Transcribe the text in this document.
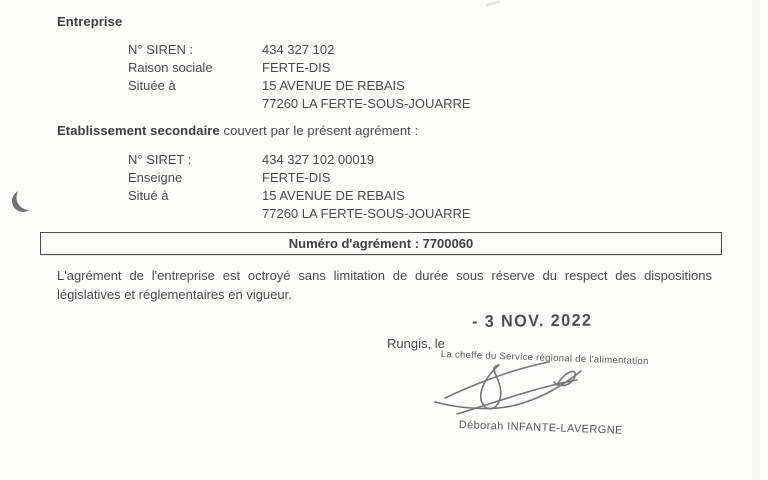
Entreprise
N° SIREN :	434 327 102
Raison sociale	FERTE-DIS
Située à	15 AVENUE DE REBAIS
77260 LA FERTE-SOUS-JOUARRE
Etablissement secondaire couvert par le présent agrément :
N° SIRET :	434 327 102 00019
Enseigne	FERTE-DIS
Situé à	15 AVENUE DE REBAIS
77260 LA FERTE-SOUS-JOUARRE
Numéro d'agrément : 7700060
L'agrément de l'entreprise est octroyé sans limitation de durée sous réserve du respect des dispositions législatives et réglementaires en vigueur.
Rungis, le
- 3 NOV. 2022
La cheffe du Service régional de l'alimentation
Déborah INFANTE-LAVERGNE
